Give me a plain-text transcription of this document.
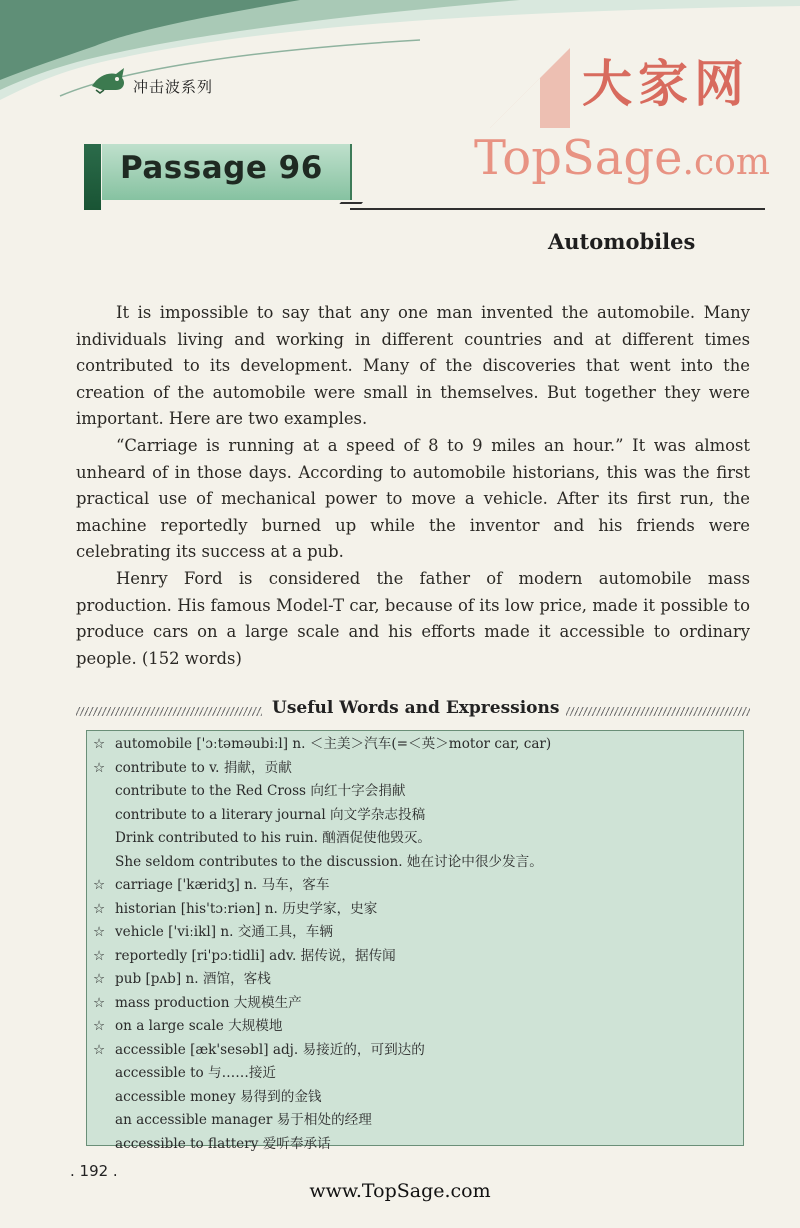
冲击波系列	大家网
TopSage.com
Passage 96
Automobiles

It is impossible to say that any one man invented the automobile. Many individuals living and working in different countries and at different times contributed to its development. Many of the discoveries that went into the creation of the automobile were small in themselves. But together they were important. Here are two examples.

“Carriage is running at a speed of 8 to 9 miles an hour.” It was almost unheard of in those days. According to automobile historians, this was the first practical use of mechanical power to move a vehicle. After its first run, the machine reportedly burned up while the inventor and his friends were celebrating its success at a pub.

Henry Ford is considered the father of modern automobile mass production. His famous Model-T car, because of its low price, made it possible to produce cars on a large scale and his efforts made it accessible to ordinary people. (152 words)

Useful Words and Expressions
☆ automobile ['ɔːtəməubiːl] n. ＜主美＞汽车(=＜英＞motor car, car)
☆ contribute to v. 捐献，贡献
contribute to the Red Cross 向红十字会捐献
contribute to a literary journal 向文学杂志投稿
Drink contributed to his ruin. 酗酒促使他毁灭。
She seldom contributes to the discussion. 她在讨论中很少发言。
☆ carriage ['kæridʒ] n. 马车，客车
☆ historian [his'tɔːriən] n. 历史学家，史家
☆ vehicle ['viːikl] n. 交通工具，车辆
☆ reportedly [ri'pɔːtidli] adv. 据传说，据传闻
☆ pub [pʌb] n. 酒馆，客栈
☆ mass production 大规模生产
☆ on a large scale 大规模地
☆ accessible [æk'sesəbl] adj. 易接近的，可到达的
accessible to 与……接近
accessible money 易得到的金钱
an accessible manager 易于相处的经理
accessible to flattery 爱听奉承话
. 192 .
www.TopSage.com
